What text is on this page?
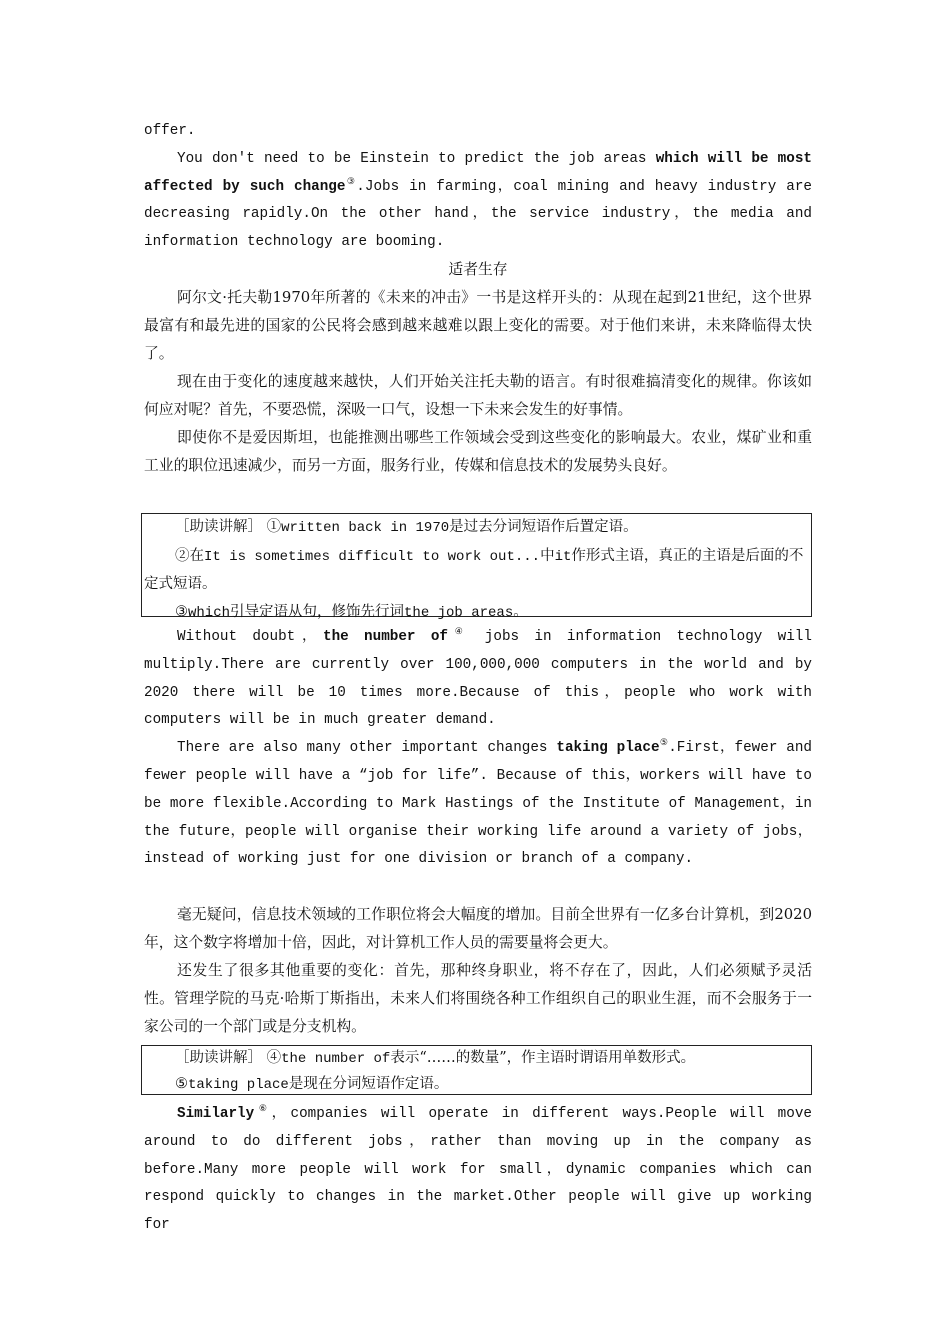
offer.

You don't need to be Einstein to predict the job areas which will be most affected by such change③.Jobs in farming，coal mining and heavy industry are decreasing rapidly.On the other hand，the service industry，the media and information technology are booming.

适者生存

阿尔文·托夫勒1970年所著的《未来的冲击》一书是这样开头的：从现在起到21世纪，这个世界最富有和最先进的国家的公民将会感到越来越难以跟上变化的需要。对于他们来讲，未来降临得太快了。

现在由于变化的速度越来越快，人们开始关注托夫勒的语言。有时很难搞清变化的规律。你该如何应对呢？首先，不要恐慌，深吸一口气，设想一下未来会发生的好事情。

即使你不是爱因斯坦，也能推测出哪些工作领域会受到这些变化的影响最大。农业，煤矿业和重工业的职位迅速减少，而另一方面，服务行业，传媒和信息技术的发展势头良好。

［助读讲解］ ①written back in 1970是过去分词短语作后置定语。

②在It is sometimes difficult to work out...中it作形式主语，真正的主语是后面的不定式短语。

③which引导定语从句，修饰先行词the job areas。

Without doubt，the number of④ jobs in information technology will multiply.There are currently over 100,000,000 computers in the world and by 2020 there will be 10 times more.Because of this，people who work with computers will be in much greater demand.

There are also many other important changes taking place⑤.First，fewer and fewer people will have a “job for life”. Because of this，workers will have to be more flexible.According to Mark Hastings of the Institute of Management，in the future，people will organise their working life around a variety of jobs，instead of working just for one division or branch of a company.

毫无疑问，信息技术领域的工作职位将会大幅度的增加。目前全世界有一亿多台计算机，到2020年，这个数字将增加十倍，因此，对计算机工作人员的需要量将会更大。

还发生了很多其他重要的变化：首先，那种终身职业，将不存在了，因此，人们必须赋予灵活性。管理学院的马克·哈斯丁斯指出，未来人们将围绕各种工作组织自己的职业生涯，而不会服务于一家公司的一个部门或是分支机构。

［助读讲解］ ④the number of表示“……的数量”，作主语时谓语用单数形式。

⑤taking place是现在分词短语作定语。

Similarly⑥，companies will operate in different ways.People will move around to do different jobs，rather than moving up in the company as before.Many more people will work for small，dynamic companies which can respond quickly to changes in the market.Other people will give up working for
